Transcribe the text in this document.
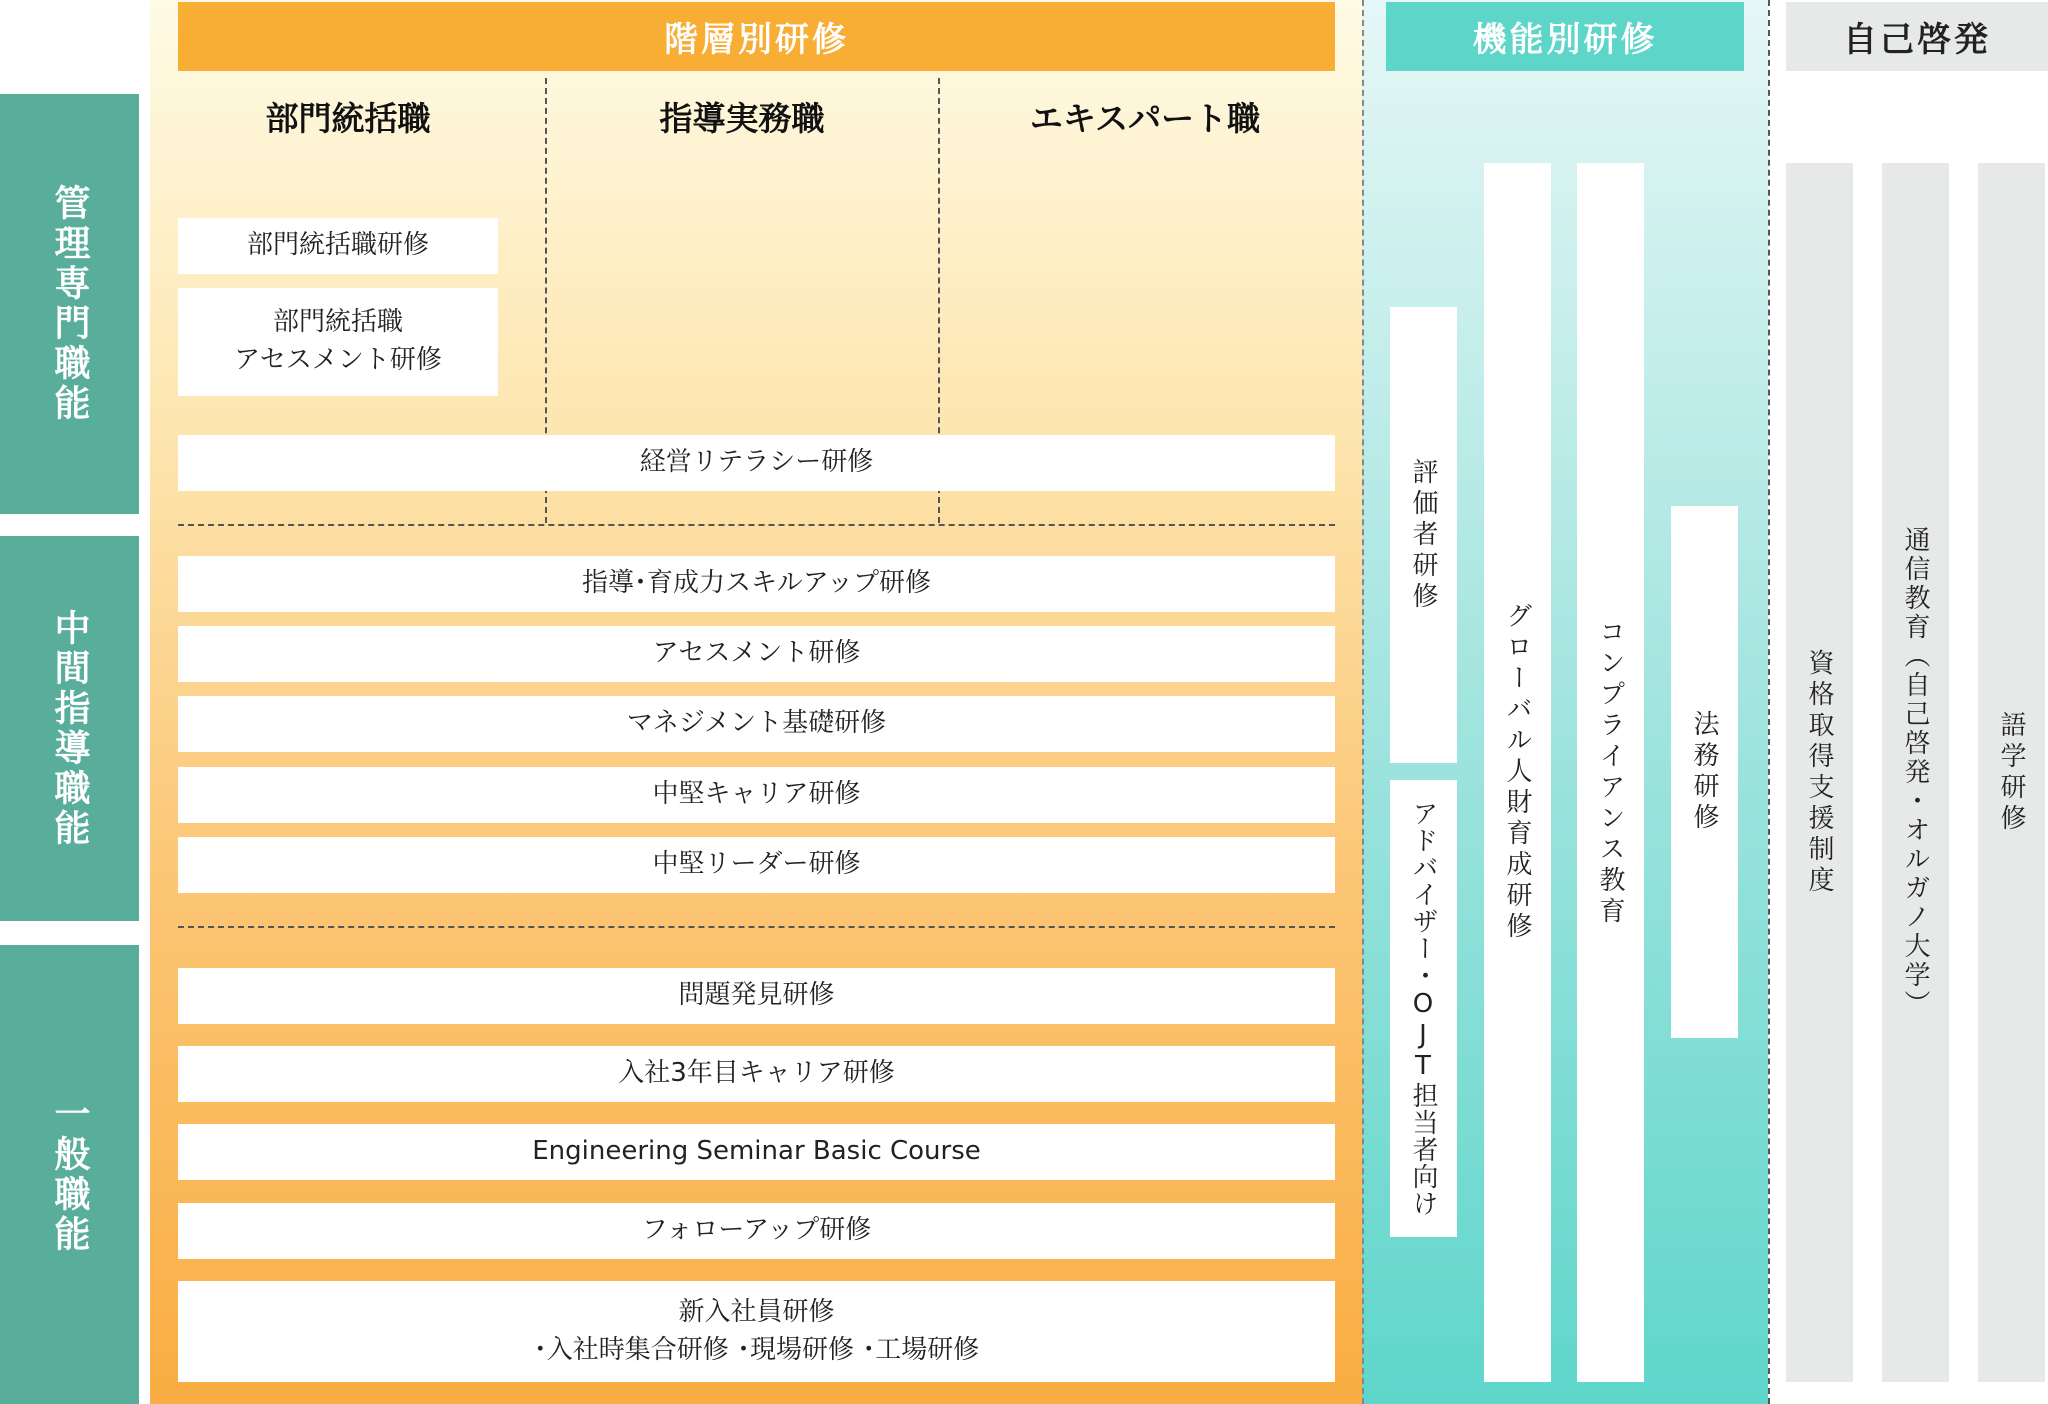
管理専門職能
中間指導職能
一般職能
階層別研修
部門統括職	指導実務職	エキスパート職
部門統括職研修
部門統括職
アセスメント研修
経営リテラシー研修
指導･育成力スキルアップ研修
アセスメント研修
マネジメント基礎研修
中堅キャリア研修
中堅リーダー研修
問題発見研修
入社3年目キャリア研修
Engineering Seminar Basic Course
フォローアップ研修
新入社員研修
･入社時集合研修 ･現場研修 ･工場研修
機能別研修
評価者研修
アドバイザー･OJT担当者向け
グローバル人財育成研修	コンプライアンス教育	法務研修
自己啓発
資格取得支援制度	通信教育︵自己啓発･オルガノ大学︶	語学研修
